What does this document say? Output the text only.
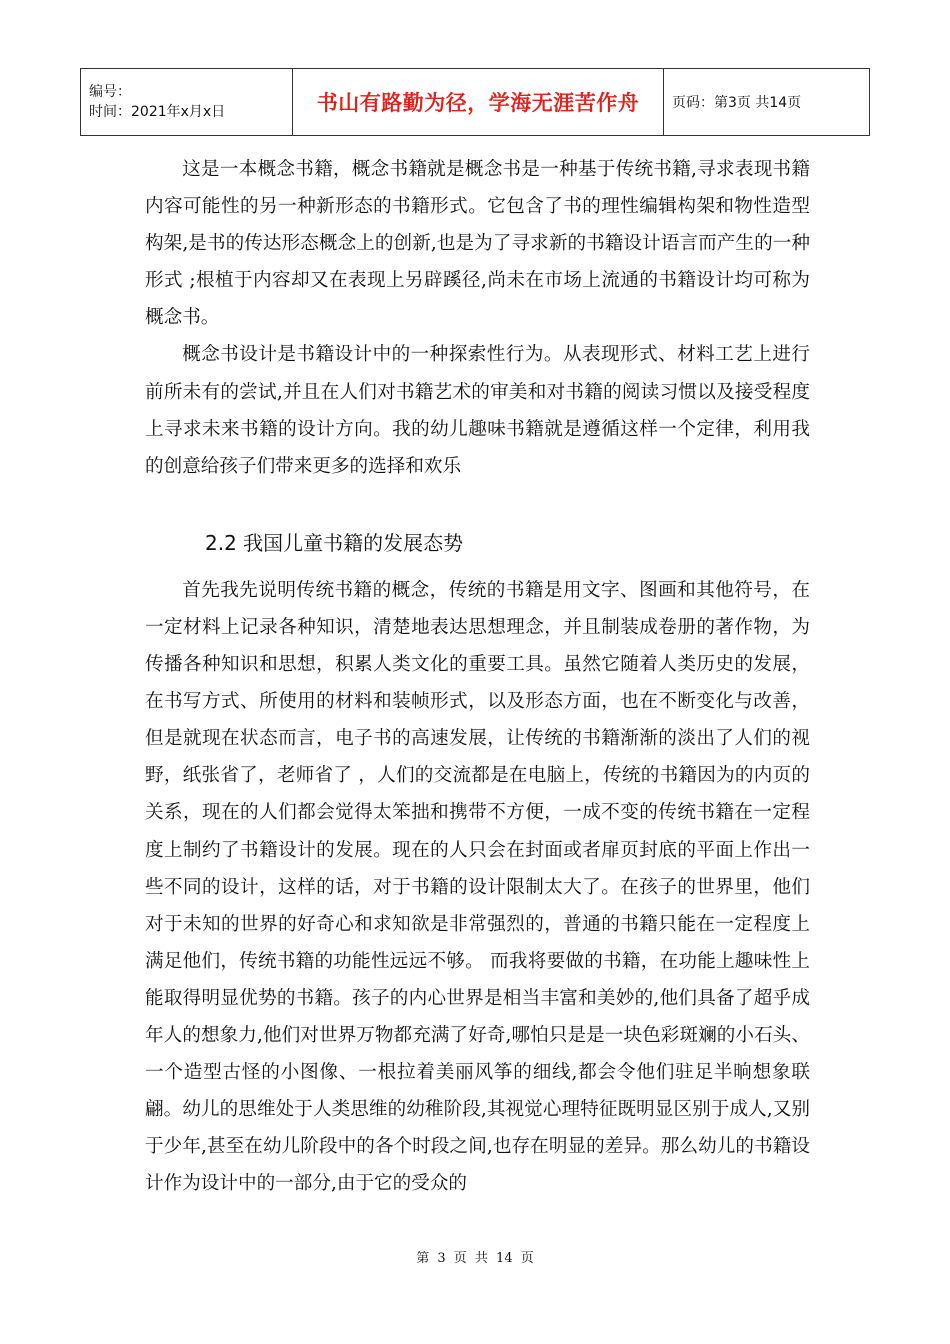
编号：
时间：2021年x月x日	书山有路勤为径，学海无涯苦作舟	页码：第3页 共14页

这是一本概念书籍，概念书籍就是概念书是一种基于传统书籍,寻求表现书籍内容可能性的另一种新形态的书籍形式。它包含了书的理性编辑构架和物性造型构架,是书的传达形态概念上的创新,也是为了寻求新的书籍设计语言而产生的一种形式 ;根植于内容却又在表现上另辟蹊径,尚未在市场上流通的书籍设计均可称为概念书。

概念书设计是书籍设计中的一种探索性行为。从表现形式、材料工艺上进行前所未有的尝试,并且在人们对书籍艺术的审美和对书籍的阅读习惯以及接受程度上寻求未来书籍的设计方向。我的幼儿趣味书籍就是遵循这样一个定律，利用我的创意给孩子们带来更多的选择和欢乐

2.2 我国儿童书籍的发展态势

首先我先说明传统书籍的概念，传统的书籍是用文字、图画和其他符号，在一定材料上记录各种知识，清楚地表达思想理念，并且制装成卷册的著作物，为传播各种知识和思想，积累人类文化的重要工具。虽然它随着人类历史的发展，在书写方式、所使用的材料和装帧形式，以及形态方面，也在不断变化与改善， 但是就现在状态而言，电子书的高速发展，让传统的书籍渐渐的淡出了人们的视野，纸张省了，老师省了 ，人们的交流都是在电脑上，传统的书籍因为的内页的关系，现在的人们都会觉得太笨拙和携带不方便，一成不变的传统书籍在一定程度上制约了书籍设计的发展。现在的人只会在封面或者扉页封底的平面上作出一些不同的设计，这样的话，对于书籍的设计限制太大了。在孩子的世界里，他们对于未知的世界的好奇心和求知欲是非常强烈的，普通的书籍只能在一定程度上满足他们，传统书籍的功能性远远不够。 而我将要做的书籍，在功能上趣味性上能取得明显优势的书籍。孩子的内心世界是相当丰富和美妙的,他们具备了超乎成年人的想象力,他们对世界万物都充满了好奇,哪怕只是是一块色彩斑斓的小石头、一个造型古怪的小图像、一根拉着美丽风筝的细线,都会令他们驻足半晌想象联翩。幼儿的思维处于人类思维的幼稚阶段,其视觉心理特征既明显区别于成人,又别于少年,甚至在幼儿阶段中的各个时段之间,也存在明显的差异。那么幼儿的书籍设计作为设计中的一部分,由于它的受众的

第 3 页 共 14 页
